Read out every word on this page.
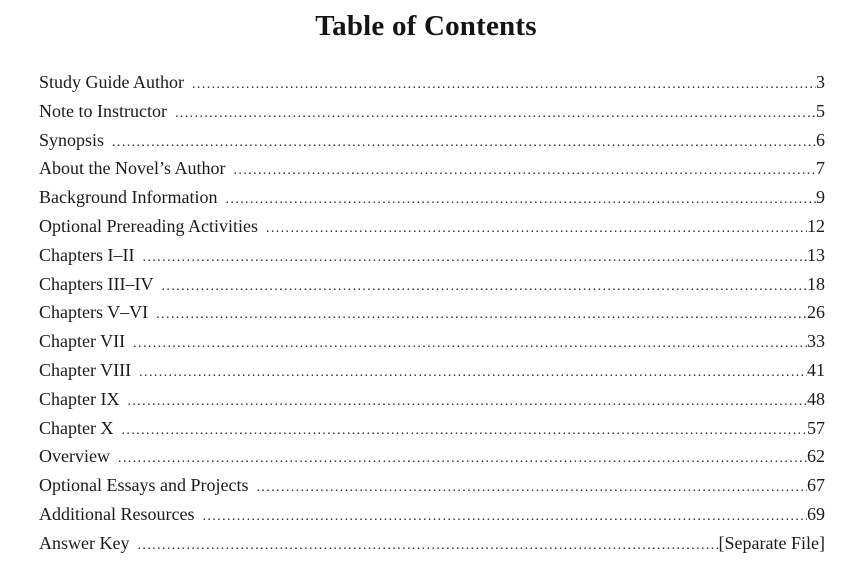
Table of Contents
Study Guide Author .....	3
Note to Instructor .....	5
Synopsis .....	6
About the Novel’s Author .....	7
Background Information .....	9
Optional Prereading Activities .....	12
Chapters I–II .....	13
Chapters III–IV .....	18
Chapters V–VI .....	26
Chapter VII .....	33
Chapter VIII .....	41
Chapter IX .....	48
Chapter X .....	57
Overview .....	62
Optional Essays and Projects .....	67
Additional Resources .....	69
Answer Key .....	[Separate File]
